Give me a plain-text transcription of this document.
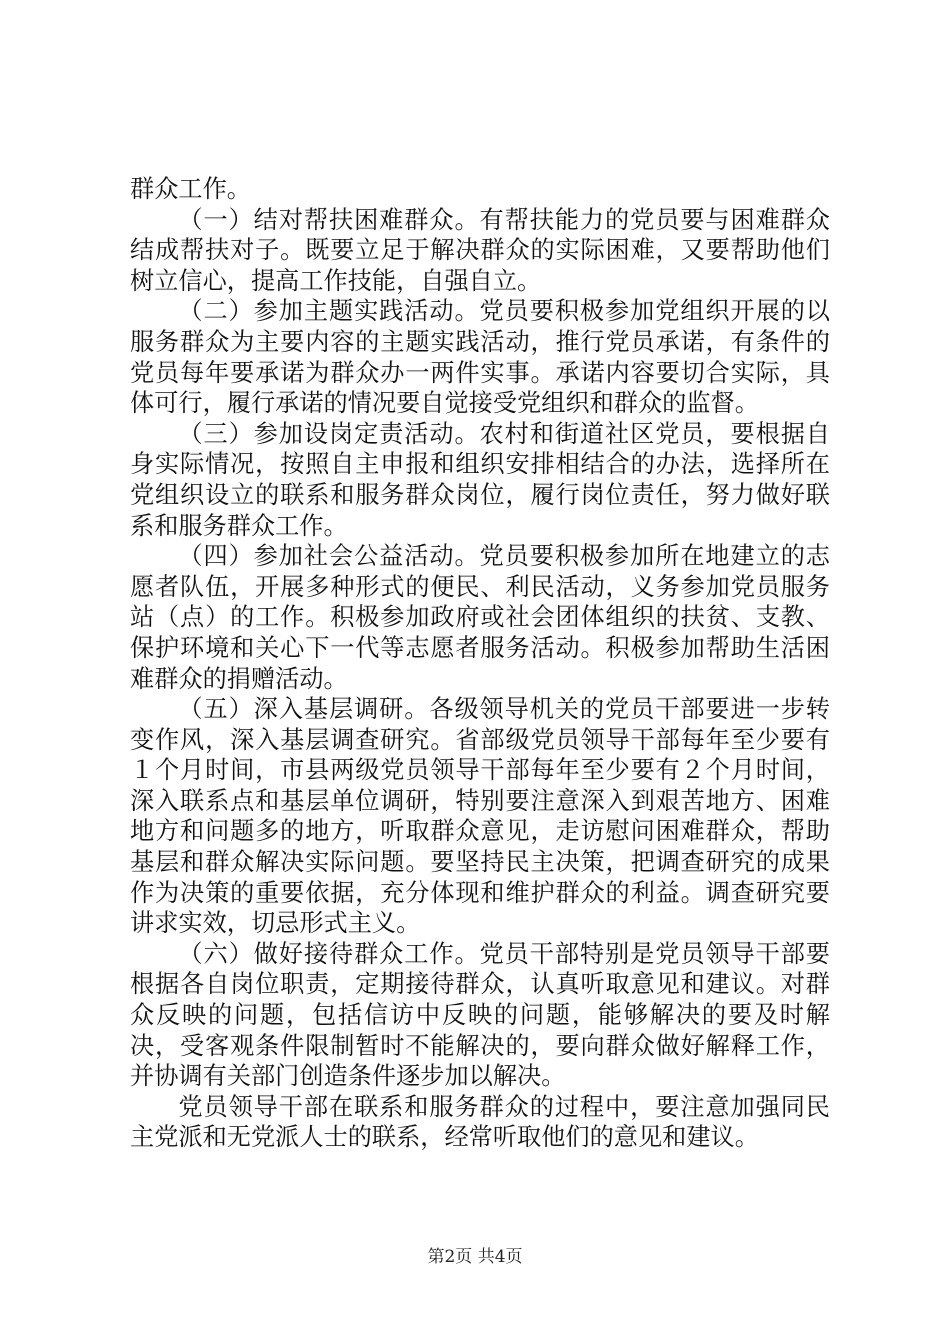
群众工作。

（一）结对帮扶困难群众。有帮扶能力的党员要与困难群众结成帮扶对子。既要立足于解决群众的实际困难，又要帮助他们树立信心，提高工作技能，自强自立。

（二）参加主题实践活动。党员要积极参加党组织开展的以服务群众为主要内容的主题实践活动，推行党员承诺，有条件的党员每年要承诺为群众办一两件实事。承诺内容要切合实际，具体可行，履行承诺的情况要自觉接受党组织和群众的监督。

（三）参加设岗定责活动。农村和街道社区党员，要根据自身实际情况，按照自主申报和组织安排相结合的办法，选择所在党组织设立的联系和服务群众岗位，履行岗位责任，努力做好联系和服务群众工作。

（四）参加社会公益活动。党员要积极参加所在地建立的志愿者队伍，开展多种形式的便民、利民活动，义务参加党员服务站（点）的工作。积极参加政府或社会团体组织的扶贫、支教、保护环境和关心下一代等志愿者服务活动。积极参加帮助生活困难群众的捐赠活动。

（五）深入基层调研。各级领导机关的党员干部要进一步转变作风，深入基层调查研究。省部级党员领导干部每年至少要有１个月时间，市县两级党员领导干部每年至少要有２个月时间，深入联系点和基层单位调研，特别要注意深入到艰苦地方、困难地方和问题多的地方，听取群众意见，走访慰问困难群众，帮助基层和群众解决实际问题。要坚持民主决策，把调查研究的成果作为决策的重要依据，充分体现和维护群众的利益。调查研究要讲求实效，切忌形式主义。

（六）做好接待群众工作。党员干部特别是党员领导干部要根据各自岗位职责，定期接待群众，认真听取意见和建议。对群众反映的问题，包括信访中反映的问题，能够解决的要及时解决，受客观条件限制暂时不能解决的，要向群众做好解释工作，并协调有关部门创造条件逐步加以解决。

党员领导干部在联系和服务群众的过程中，要注意加强同民主党派和无党派人士的联系，经常听取他们的意见和建议。

第2页 共4页
